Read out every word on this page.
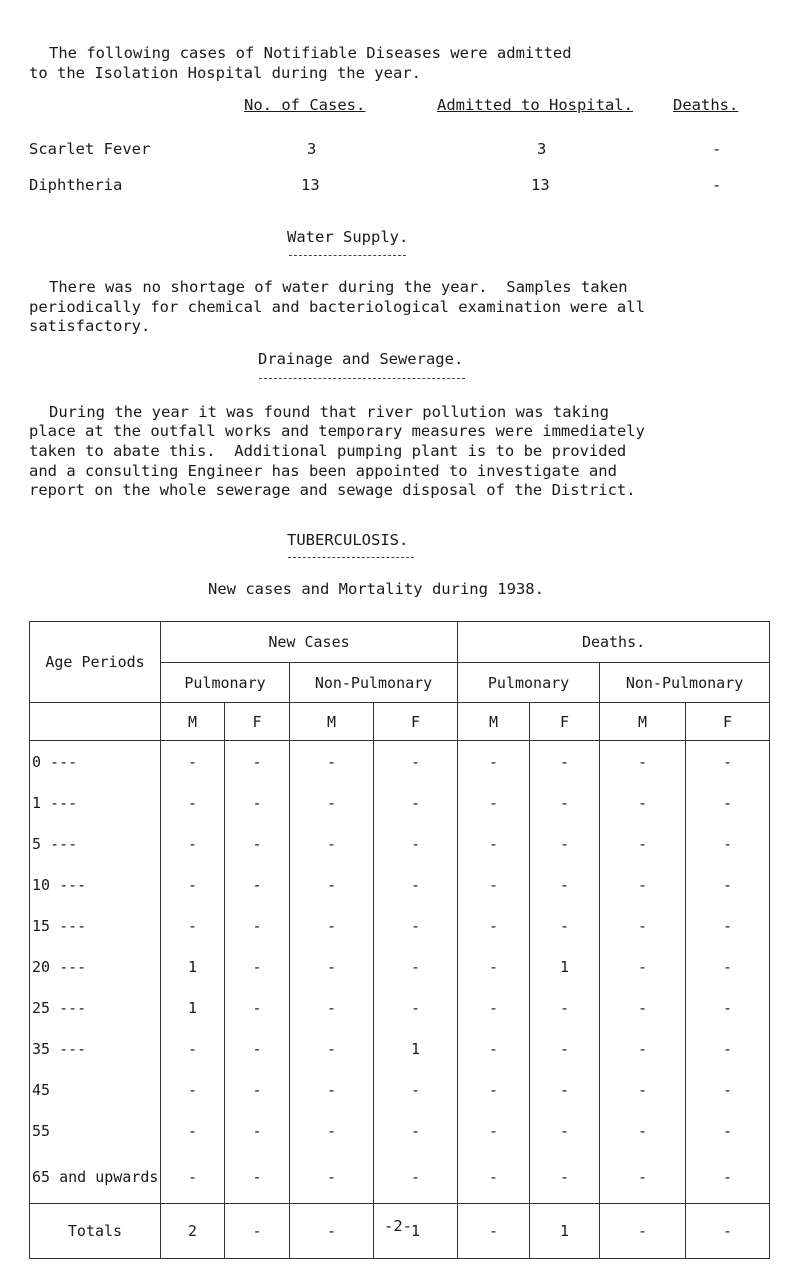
The following cases of Notifiable Diseases were admitted
to the Isolation Hospital during the year.
No. of Cases.	Admitted to Hospital.	Deaths.
Scarlet Fever	3	3	-
Diphtheria	13	13	-
Water Supply.
There was no shortage of water during the year.  Samples taken
periodically for chemical and bacteriological examination were all
satisfactory.
Drainage and Sewerage.
During the year it was found that river pollution was taking
place at the outfall works and temporary measures were immediately
taken to abate this.  Additional pumping plant is to be provided
and a consulting Engineer has been appointed to investigate and
report on the whole sewerage and sewage disposal of the District.
TUBERCULOSIS.
New cases and Mortality during 1938.
Age Periods	New Cases				Deaths.			
	Pulmonary		Non-Pulmonary		Pulmonary		Non-Pulmonary	
	M	F	M	F	M	F	M	F
0 ---	-	-	-	-	-	-	-	-
1 ---	-	-	-	-	-	-	-	-
5 ---	-	-	-	-	-	-	-	-
10 ---	-	-	-	-	-	-	-	-
15 ---	-	-	-	-	-	-	-	-
20 ---	1	-	-	-	-	1	-	-
25 ---	1	-	-	-	-	-	-	-
35 ---	-	-	-	1	-	-	-	-
45	-	-	-	-	-	-	-	-
55	-	-	-	-	-	-	-	-
65 and upwards	-	-	-	-	-	-	-	-
Totals	2	-	-	1	-	1	-	-
-2-
